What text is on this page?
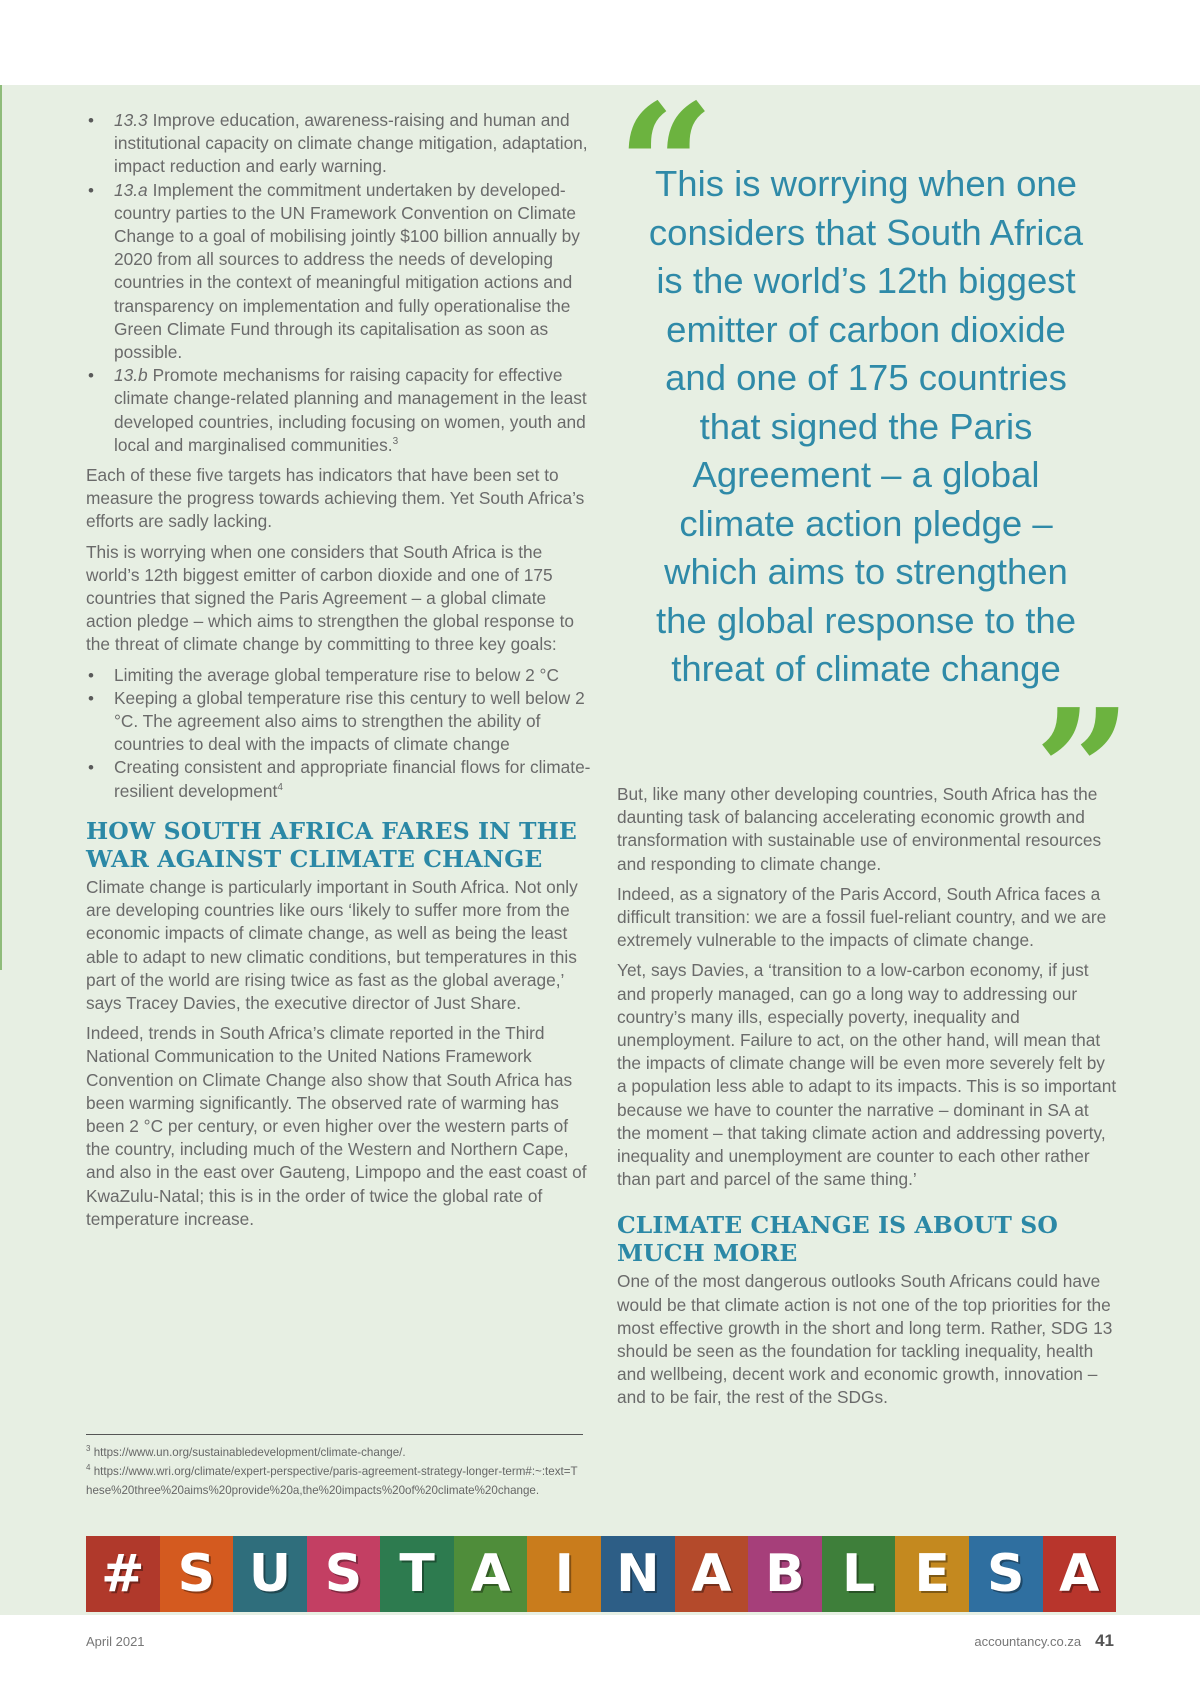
• 13.3 Improve education, awareness-raising and human and institutional capacity on climate change mitigation, adaptation, impact reduction and early warning.
• 13.a Implement the commitment undertaken by developed-country parties to the UN Framework Convention on Climate Change to a goal of mobilising jointly $100 billion annually by 2020 from all sources to address the needs of developing countries in the context of meaningful mitigation actions and transparency on implementation and fully operationalise the Green Climate Fund through its capitalisation as soon as possible.
• 13.b Promote mechanisms for raising capacity for effective climate change-related planning and management in the least developed countries, including focusing on women, youth and local and marginalised communities.$^3$

Each of these five targets has indicators that have been set to measure the progress towards achieving them. Yet South Africa’s efforts are sadly lacking.

This is worrying when one considers that South Africa is the world’s 12th biggest emitter of carbon dioxide and one of 175 countries that signed the Paris Agreement – a global climate action pledge – which aims to strengthen the global response to the threat of climate change by committing to three key goals:

• Limiting the average global temperature rise to below 2 °C
• Keeping a global temperature rise this century to well below 2 °C. The agreement also aims to strengthen the ability of countries to deal with the impacts of climate change
• Creating consistent and appropriate financial flows for climate-resilient development$^4$
HOW SOUTH AFRICA FARES IN THE WAR AGAINST CLIMATE CHANGE

Climate change is particularly important in South Africa. Not only are developing countries like ours ‘likely to suffer more from the economic impacts of climate change, as well as being the least able to adapt to new climatic conditions, but temperatures in this part of the world are rising twice as fast as the global average,’ says Tracey Davies, the executive director of Just Share.

Indeed, trends in South Africa’s climate reported in the Third National Communication to the United Nations Framework Convention on Climate Change also show that South Africa has been warming significantly. The observed rate of warming has been 2 °C per century, or even higher over the western parts of the country, including much of the Western and Northern Cape, and also in the east over Gauteng, Limpopo and the east coast of KwaZulu-Natal; this is in the order of twice the global rate of temperature increase.

$^3$ https://www.un.org/sustainabledevelopment/climate-change/.
$^4$ https://www.wri.org/climate/expert-perspective/paris-agreement-strategy-longer-term#:~:text=These%20three%20aims%20provide%20a,the%20impacts%20of%20climate%20change.
“
This is worrying when one considers that South Africa is the world’s 12th biggest emitter of carbon dioxide and one of 175 countries that signed the Paris Agreement – a global climate action pledge – which aims to strengthen the global response to the threat of climate change
”

But, like many other developing countries, South Africa has the daunting task of balancing accelerating economic growth and transformation with sustainable use of environmental resources and responding to climate change.

Indeed, as a signatory of the Paris Accord, South Africa faces a difficult transition: we are a fossil fuel-reliant country, and we are extremely vulnerable to the impacts of climate change.

Yet, says Davies, a ‘transition to a low-carbon economy, if just and properly managed, can go a long way to addressing our country’s many ills, especially poverty, inequality and unemployment. Failure to act, on the other hand, will mean that the impacts of climate change will be even more severely felt by a population less able to adapt to its impacts. This is so important because we have to counter the narrative – dominant in SA at the moment – that taking climate action and addressing poverty, inequality and unemployment are counter to each other rather than part and parcel of the same thing.’

CLIMATE CHANGE IS ABOUT SO MUCH MORE

One of the most dangerous outlooks South Africans could have would be that climate action is not one of the top priorities for the most effective growth in the short and long term. Rather, SDG 13 should be seen as the foundation for tackling inequality, health and wellbeing, decent work and economic growth, innovation – and to be fair, the rest of the SDGs.

# S U S T A I N A B L E S A
April 2021	accountancy.co.za 41
